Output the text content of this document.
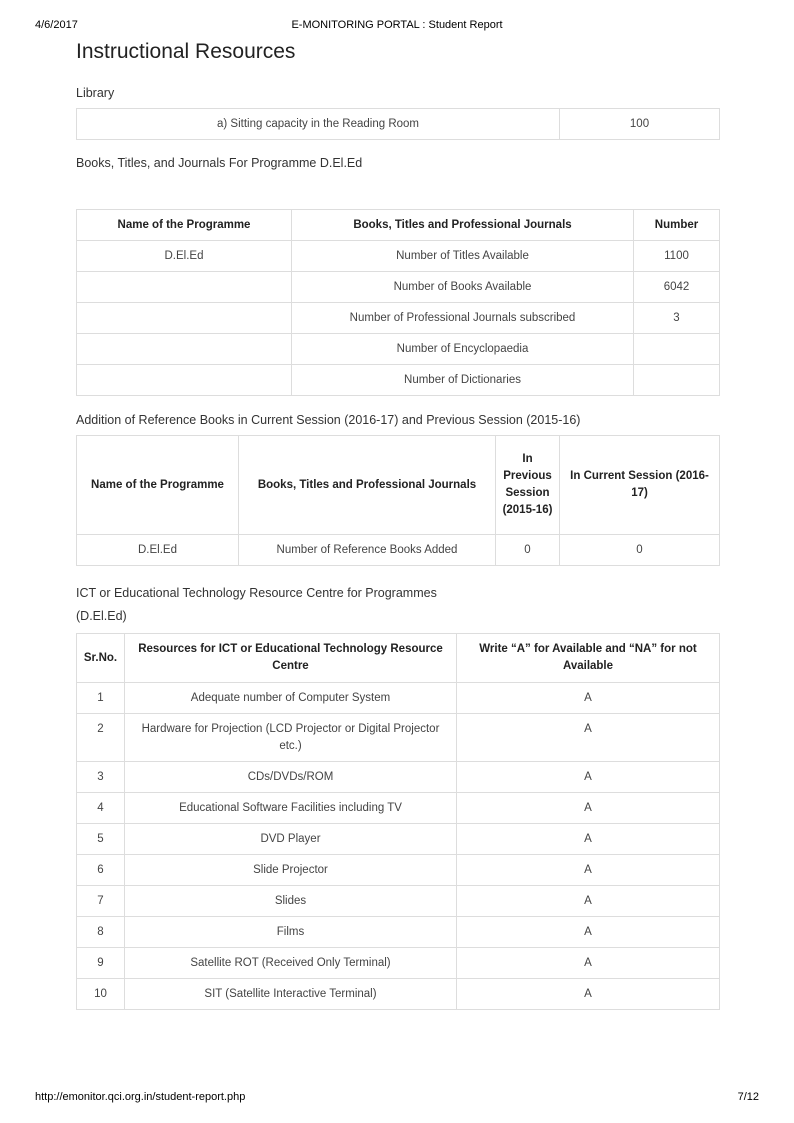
4/6/2017	E-MONITORING PORTAL : Student Report
Instructional Resources
Library
a) Sitting capacity in the Reading Room	100
Books, Titles, and Journals For Programme D.El.Ed
Name of the Programme	Books, Titles and Professional Journals	Number
D.El.Ed	Number of Titles Available	1100
	Number of Books Available	6042
	Number of Professional Journals subscribed	3
	Number of Encyclopaedia	
	Number of Dictionaries	
Addition of Reference Books in Current Session (2016-17) and Previous Session (2015-16)
Name of the Programme	Books, Titles and Professional Journals	In Previous Session (2015-16)	In Current Session (2016-17)
D.El.Ed	Number of Reference Books Added	0	0
ICT or Educational Technology Resource Centre for Programmes
(D.El.Ed)
Sr.No.	Resources for ICT or Educational Technology Resource Centre	Write “A” for Available and “NA” for not Available
1	Adequate number of Computer System	A
2	Hardware for Projection (LCD Projector or Digital Projector etc.)	A
3	CDs/DVDs/ROM	A
4	Educational Software Facilities including TV	A
5	DVD Player	A
6	Slide Projector	A
7	Slides	A
8	Films	A
9	Satellite ROT (Received Only Terminal)	A
10	SIT (Satellite Interactive Terminal)	A
http://emonitor.qci.org.in/student-report.php	7/12
